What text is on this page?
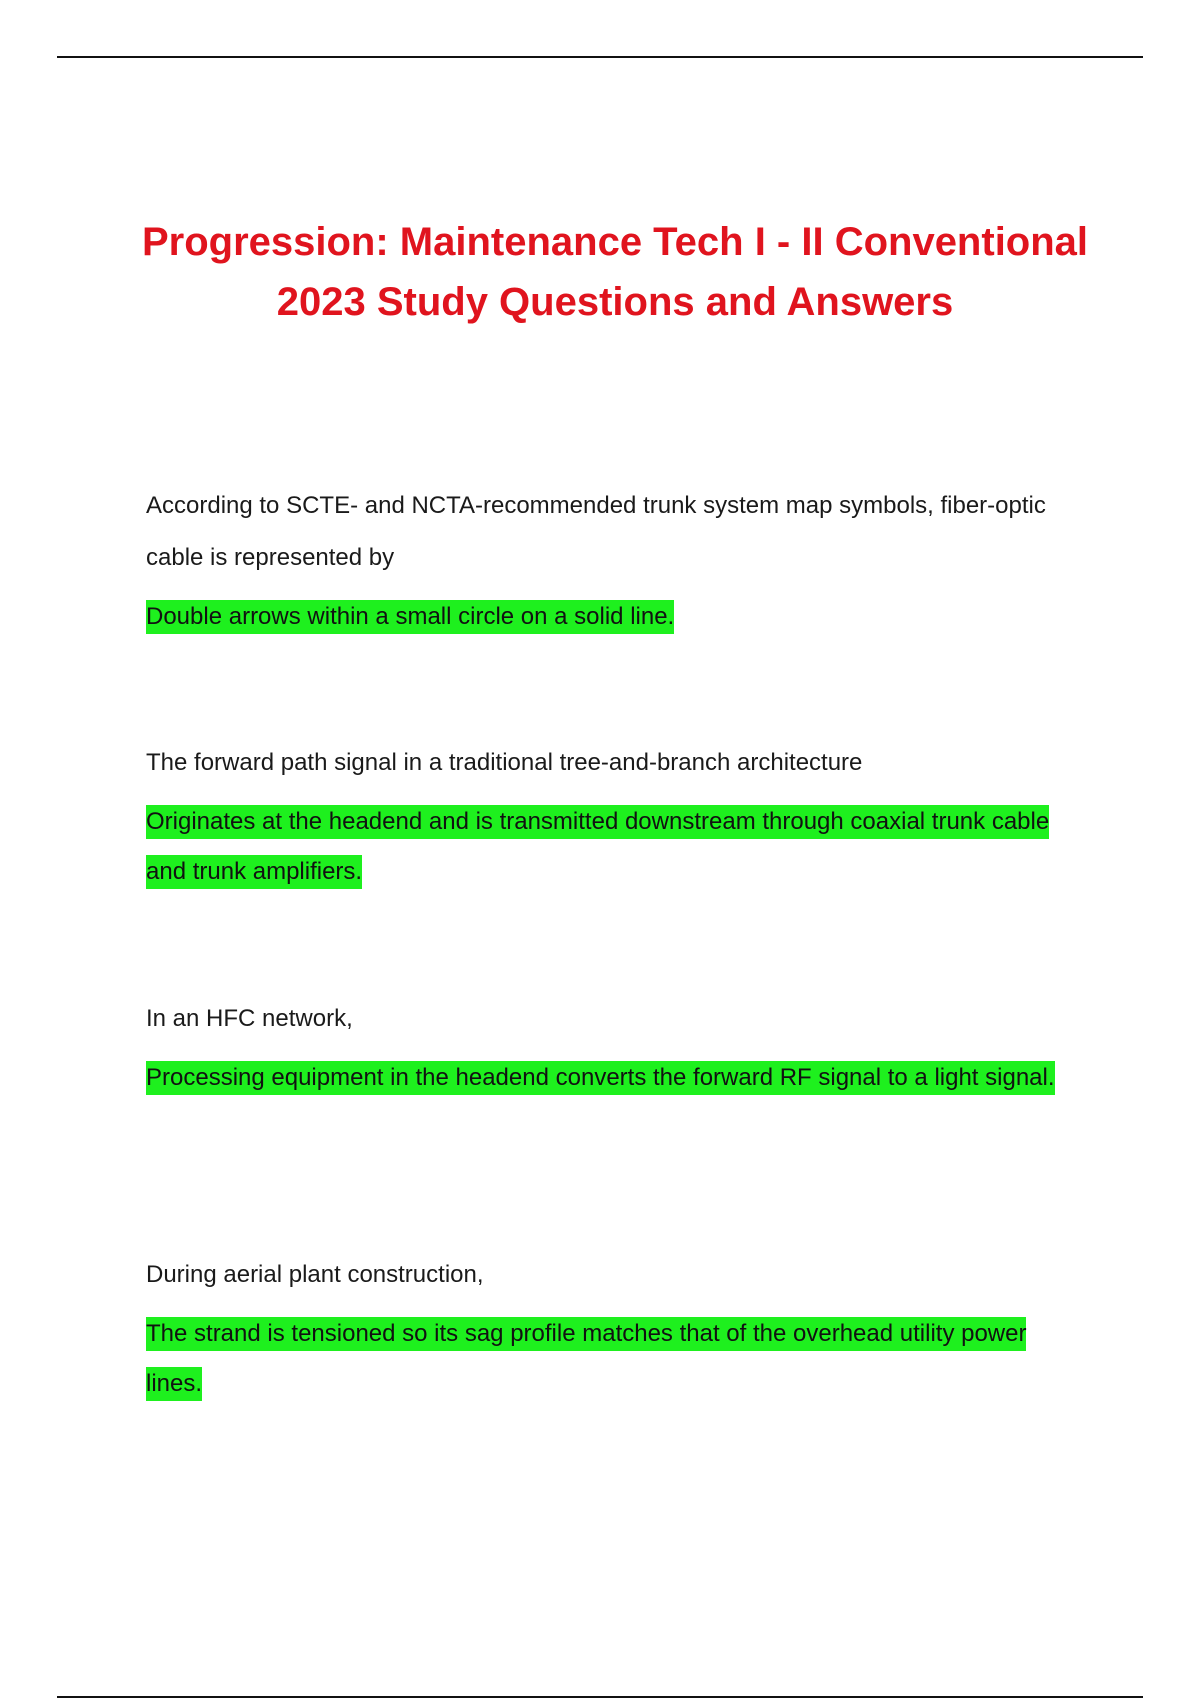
Progression: Maintenance Tech I - II Conventional 2023 Study Questions and Answers

According to SCTE- and NCTA-recommended trunk system map symbols, fiber-optic cable is represented by

Double arrows within a small circle on a solid line.

The forward path signal in a traditional tree-and-branch architecture

Originates at the headend and is transmitted downstream through coaxial trunk cable and trunk amplifiers.

In an HFC network,

Processing equipment in the headend converts the forward RF signal to a light signal.

During aerial plant construction,

The strand is tensioned so its sag profile matches that of the overhead utility power lines.
